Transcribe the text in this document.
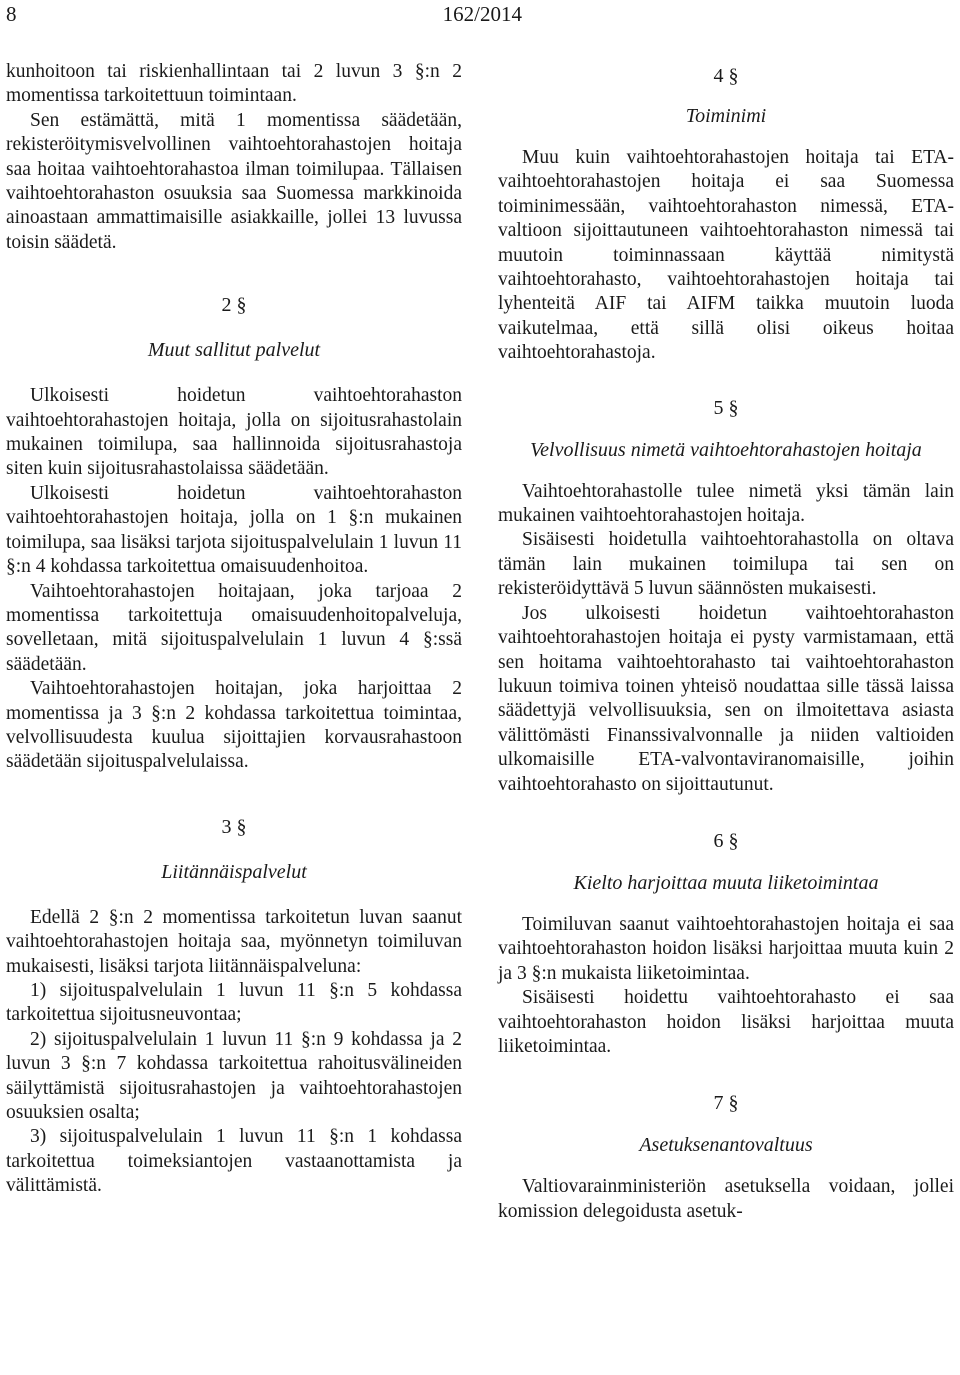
8	162/2014

kunhoitoon tai riskienhallintaan tai 2 luvun 3 §:n 2 momentissa tarkoitettuun toimintaan.

Sen estämättä, mitä 1 momentissa säädetään, rekisteröitymisvelvollinen vaihtoehtorahastojen hoitaja saa hoitaa vaihtoehtorahastoa ilman toimilupaa. Tällaisen vaihtoehtorahaston osuuksia saa Suomessa markkinoida ainoastaan ammattimaisille asiakkaille, jollei 13 luvussa toisin säädetä.

2 §

Muut sallitut palvelut

Ulkoisesti hoidetun vaihtoehtorahaston vaihtoehtorahastojen hoitaja, jolla on sijoitusrahastolain mukainen toimilupa, saa hallinnoida sijoitusrahastoja siten kuin sijoitusrahastolaissa säädetään.

Ulkoisesti hoidetun vaihtoehtorahaston vaihtoehtorahastojen hoitaja, jolla on 1 §:n mukainen toimilupa, saa lisäksi tarjota sijoituspalvelulain 1 luvun 11 §:n 4 kohdassa tarkoitettua omaisuudenhoitoa.

Vaihtoehtorahastojen hoitajaan, joka tarjoaa 2 momentissa tarkoitettuja omaisuudenhoitopalveluja, sovelletaan, mitä sijoituspalvelulain 1 luvun 4 §:ssä säädetään.

Vaihtoehtorahastojen hoitajan, joka harjoittaa 2 momentissa ja 3 §:n 2 kohdassa tarkoitettua toimintaa, velvollisuudesta kuulua sijoittajien korvausrahastoon säädetään sijoituspalvelulaissa.

3 §

Liitännäispalvelut

Edellä 2 §:n 2 momentissa tarkoitetun luvan saanut vaihtoehtorahastojen hoitaja saa, myönnetyn toimiluvan mukaisesti, lisäksi tarjota liitännäispalveluna:

1) sijoituspalvelulain 1 luvun 11 §:n 5 kohdassa tarkoitettua sijoitusneuvontaa;

2) sijoituspalvelulain 1 luvun 11 §:n 9 kohdassa ja 2 luvun 3 §:n 7 kohdassa tarkoitettua rahoitusvälineiden säilyttämistä sijoitusrahastojen ja vaihtoehtorahastojen osuuksien osalta;

3) sijoituspalvelulain 1 luvun 11 §:n 1 kohdassa tarkoitettua toimeksiantojen vastaanottamista ja välittämistä.

4 §

Toiminimi

Muu kuin vaihtoehtorahastojen hoitaja tai ETA-vaihtoehtorahastojen hoitaja ei saa Suomessa toiminimessään, vaihtoehtorahaston nimessä, ETA-valtioon sijoittautuneen vaihtoehtorahaston nimessä tai muutoin toiminnassaan käyttää nimitystä vaihtoehtorahasto, vaihtoehtorahastojen hoitaja tai lyhenteitä AIF tai AIFM taikka muutoin luoda vaikutelmaa, että sillä olisi oikeus hoitaa vaihtoehtorahastoja.

5 §

Velvollisuus nimetä vaihtoehtorahastojen hoitaja

Vaihtoehtorahastolle tulee nimetä yksi tämän lain mukainen vaihtoehtorahastojen hoitaja.

Sisäisesti hoidetulla vaihtoehtorahastolla on oltava tämän lain mukainen toimilupa tai sen on rekisteröidyttävä 5 luvun säännösten mukaisesti.

Jos ulkoisesti hoidetun vaihtoehtorahaston vaihtoehtorahastojen hoitaja ei pysty varmistamaan, että sen hoitama vaihtoehtorahasto tai vaihtoehtorahaston lukuun toimiva toinen yhteisö noudattaa sille tässä laissa säädettyjä velvollisuuksia, sen on ilmoitettava asiasta välittömästi Finanssivalvonnalle ja niiden valtioiden ulkomaisille ETA-valvontaviranomaisille, joihin vaihtoehtorahasto on sijoittautunut.

6 §

Kielto harjoittaa muuta liiketoimintaa

Toimiluvan saanut vaihtoehtorahastojen hoitaja ei saa vaihtoehtorahaston hoidon lisäksi harjoittaa muuta kuin 2 ja 3 §:n mukaista liiketoimintaa.

Sisäisesti hoidettu vaihtoehtorahasto ei saa vaihtoehtorahaston hoidon lisäksi harjoittaa muuta liiketoimintaa.

7 §

Asetuksenantovaltuus

Valtiovarainministeriön asetuksella voidaan, jollei komission delegoidusta asetuk-
